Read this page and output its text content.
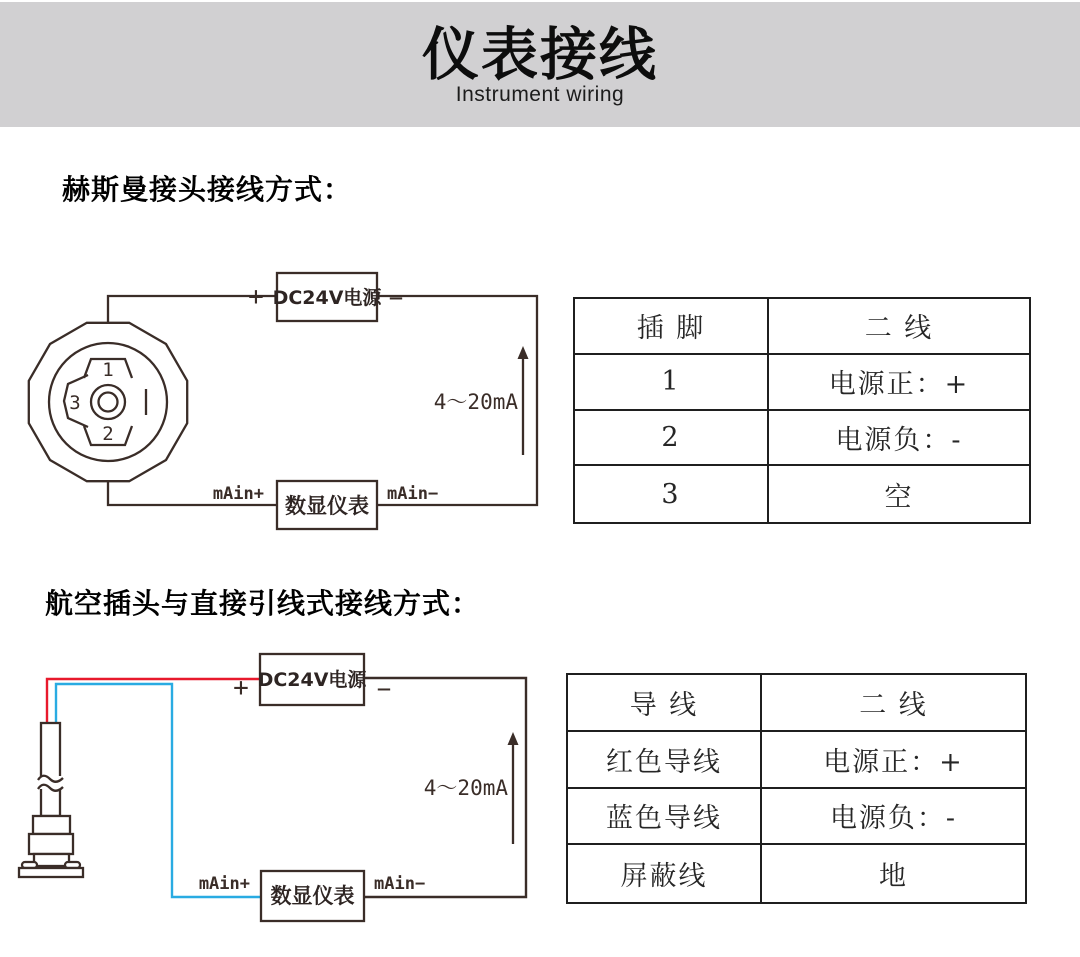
仪表接线
Instrument wiring
赫斯曼接头接线方式：
1
2
3
DC24V电源
数显仪表
+	−
mAin+	mAin−
4～20mA
插 脚	二 线
1	电源正：+
2	电源负：-
3	空
航空插头与直接引线式接线方式：
DC24V电源
数显仪表
+	−
mAin+	mAin−
4～20mA
导 线	二 线
红色导线	电源正：+
蓝色导线	电源负：-
屏蔽线	地
